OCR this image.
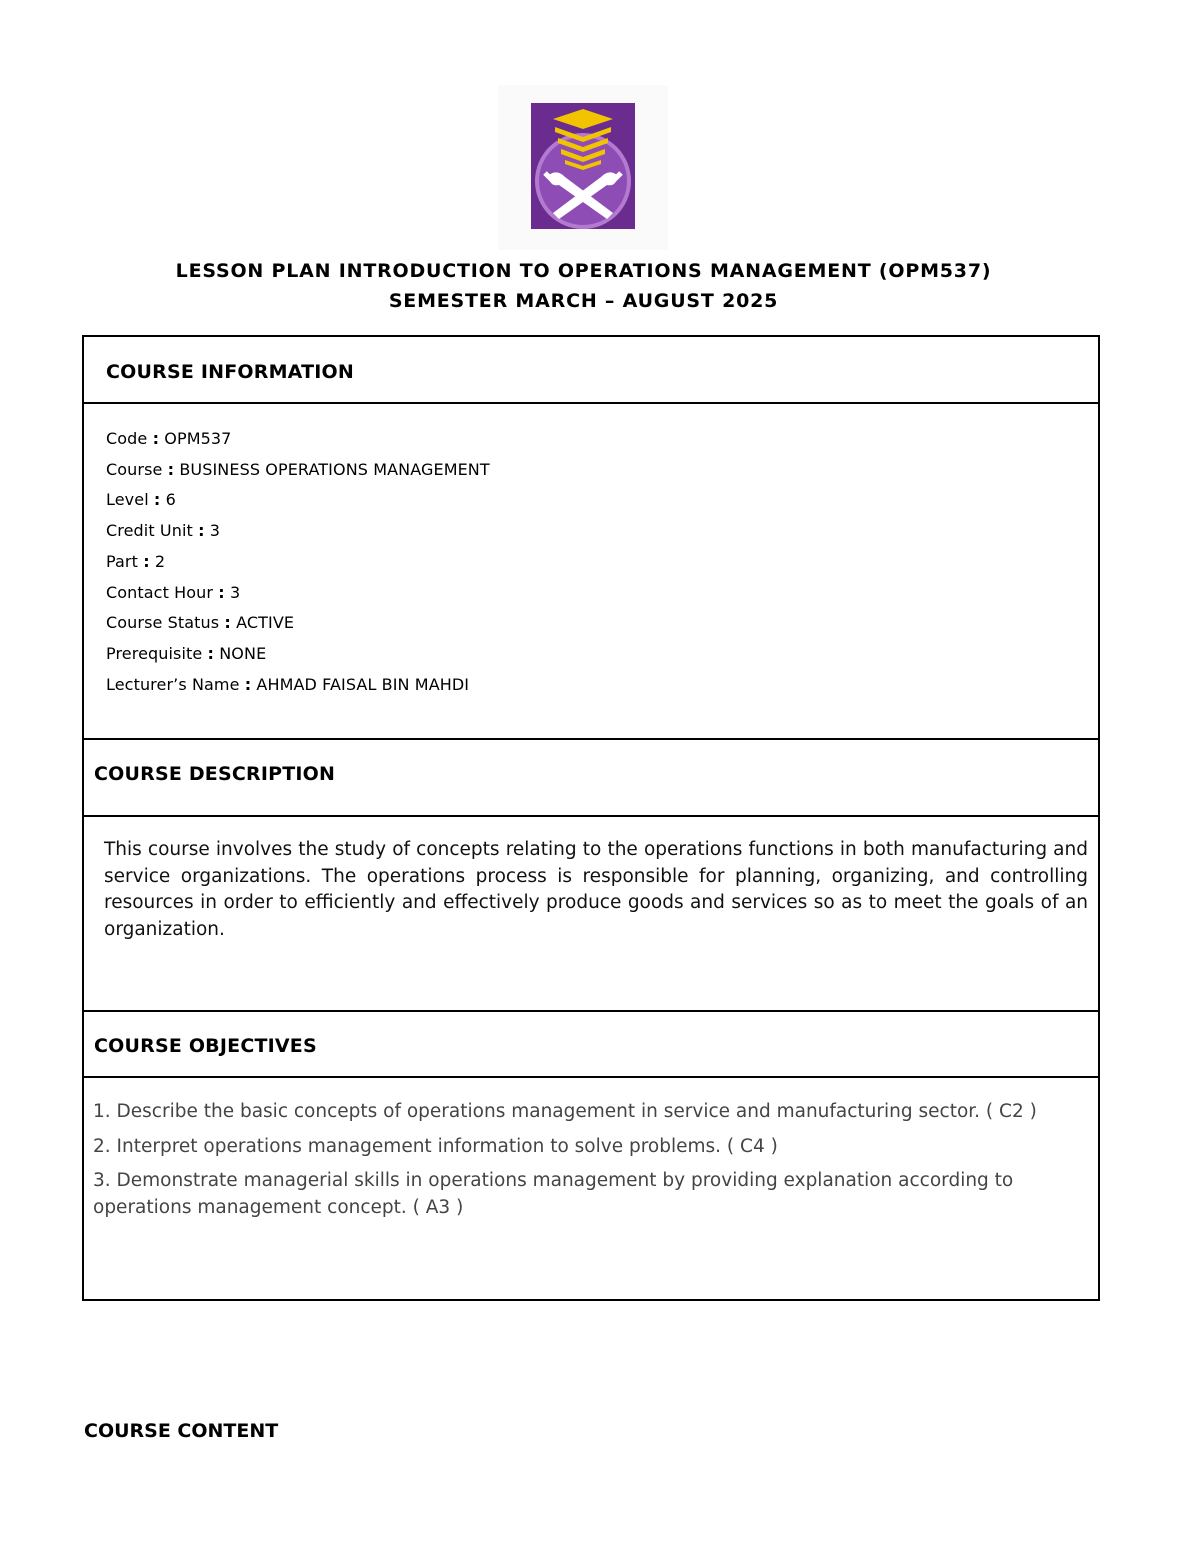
LESSON PLAN INTRODUCTION TO OPERATIONS MANAGEMENT (OPM537)
SEMESTER MARCH – AUGUST 2025
COURSE INFORMATION
Code : OPM537
Course : BUSINESS OPERATIONS MANAGEMENT
Level : 6
Credit Unit : 3
Part : 2
Contact Hour : 3
Course Status : ACTIVE
Prerequisite : NONE
Lecturer’s Name : AHMAD FAISAL BIN MAHDI
COURSE DESCRIPTION
This course involves the study of concepts relating to the operations functions in both manufacturing and service organizations. The operations process is responsible for planning, organizing, and controlling resources in order to efficiently and effectively produce goods and services so as to meet the goals of an organization.
COURSE OBJECTIVES
1. Describe the basic concepts of operations management in service and manufacturing sector. ( C2 )
2. Interpret operations management information to solve problems. ( C4 )
3. Demonstrate managerial skills in operations management by providing explanation according to operations management concept. ( A3 )
COURSE CONTENT
